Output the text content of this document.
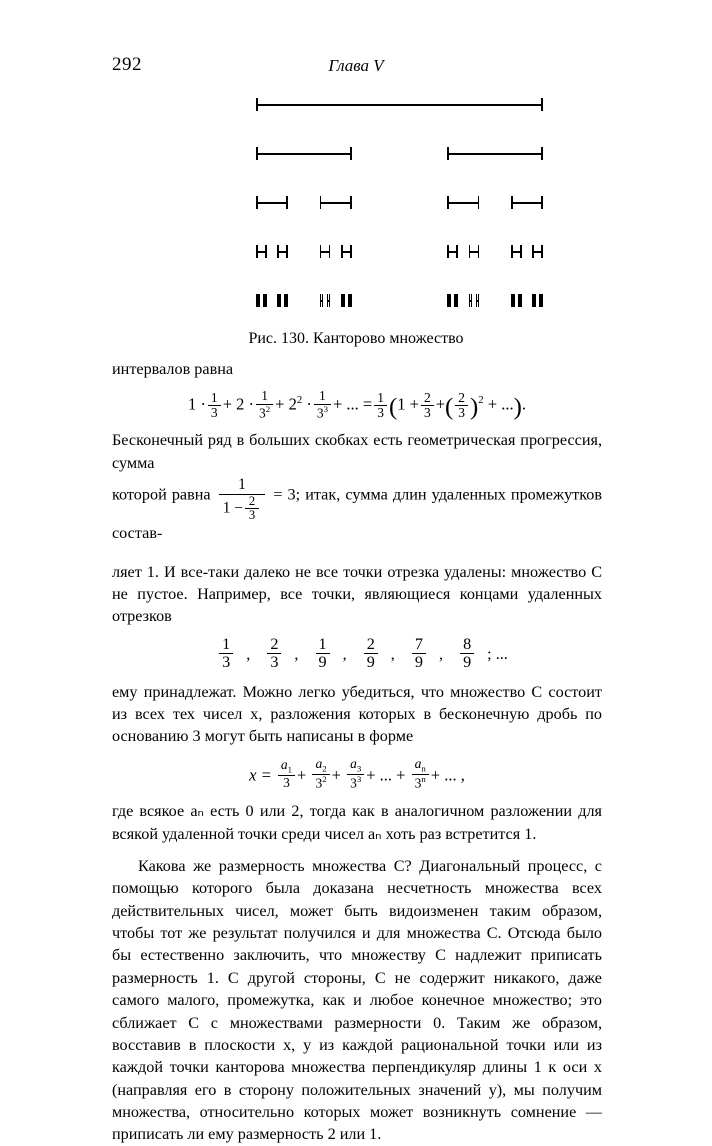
292	Глава V
Рис. 130. Канторово множество

интервалов равна

$1 \cdot \frac{1}{3} + 2 \cdot \frac{1}{3^2} + 2^2 \cdot \frac{1}{3^3}$ + ... = $\frac{1}{3} (1 + \frac{2}{3}$ +( $\frac{2}{3} )^2$ + ...).

Бесконечный ряд в больших скобках есть геометрическая прогрессия, сумма

которой равна $\frac{1}{1 - \frac{2}{3}} = 3$; итак, сумма длин удаленных промежутков состав-

ляет 1. И все-таки далеко не все точки отрезка удалены: множество C не пустое. Например, все точки, являющиеся концами удаленных отрезков

$\frac{1}{3}$ , $\frac{2}{3}$ , $\frac{1}{9}$ , $\frac{2}{9}$ , $\frac{7}{9}$ , $\frac{8}{9}$ ; ...

ему принадлежат. Можно легко убедиться, что множество C состоит из всех тех чисел x, разложения которых в бесконечную дробь по основанию 3 могут быть написаны в форме

$x = \frac{a_1}{3} + \frac{a_2}{3^2} + \frac{a_3}{3^3}$ + ... + $\frac{a_n}{3^n}$ + ... ,

где всякое aₙ есть 0 или 2, тогда как в аналогичном разложении для всякой удаленной точки среди чисел aₙ хоть раз встретится 1.

Какова же размерность множества C? Диагональный процесс, с помощью которого была доказана несчетность множества всех действительных чисел, может быть видоизменен таким образом, чтобы тот же результат получился и для множества C. Отсюда было бы естественно заключить, что множеству C надлежит приписать размерность 1. С другой стороны, C не содержит никакого, даже самого малого, промежутка, как и любое конечное множество; это сближает C с множествами размерности 0. Таким же образом, восставив в плоскости x, y из каждой рациональной точки или из каждой точки канторова множества перпендикуляр длины 1 к оси x (направляя его в сторону положительных значений y), мы получим множества, относительно которых может возникнуть сомнение — приписать ли ему размерность 2 или 1.
